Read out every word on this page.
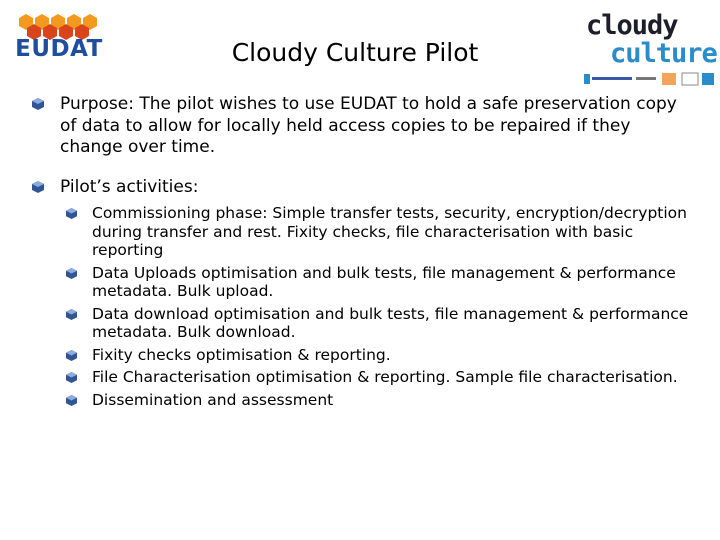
EUDAT	Cloudy Culture Pilot
cloudy
culture
Purpose: The pilot wishes to use EUDAT to hold a safe preservation copy of data to allow for locally held access copies to be repaired if they change over time.
Pilot’s activities:
Commissioning phase: Simple transfer tests, security, encryption/decryption during transfer and rest. Fixity checks, file characterisation with basic reporting
Data Uploads optimisation and bulk tests, file management & performance metadata. Bulk upload.
Data download optimisation and bulk tests, file management & performance metadata. Bulk download.
Fixity checks optimisation & reporting.
File Characterisation optimisation & reporting. Sample file characterisation.
Dissemination and assessment
